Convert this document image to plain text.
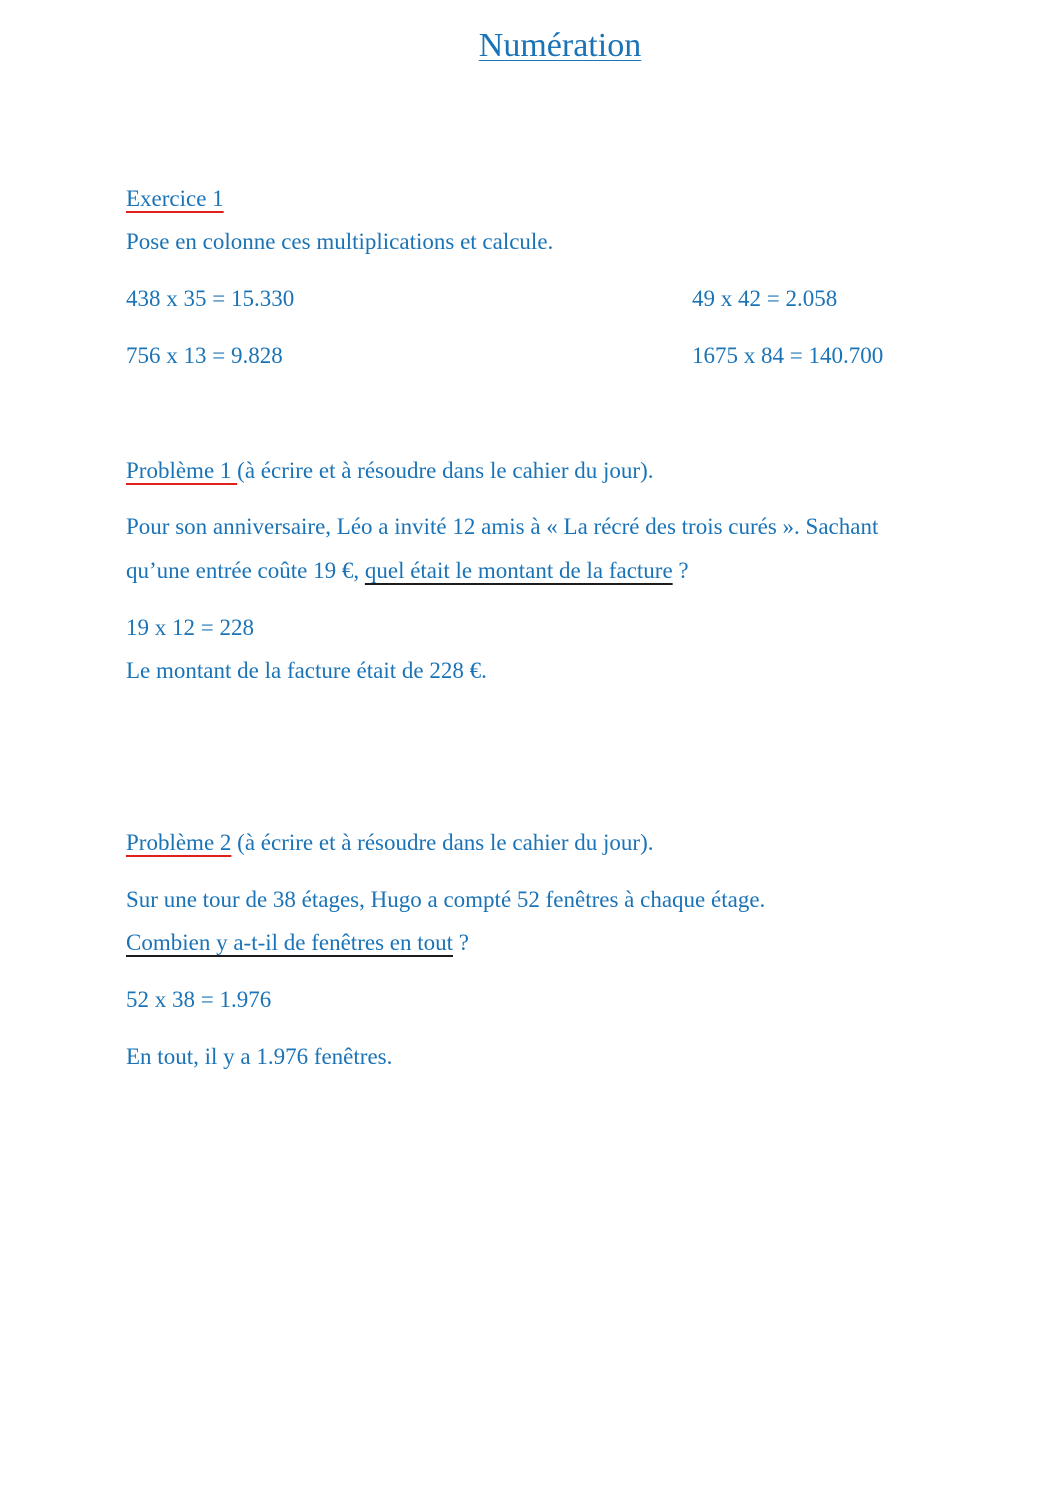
Numération
Exercice 1
Pose en colonne ces multiplications et calcule.
438 x 35 = 15.330	49 x 42 = 2.058
756 x 13 = 9.828	1675 x 84 = 140.700
Problème 1 (à écrire et à résoudre dans le cahier du jour).
Pour son anniversaire, Léo a invité 12 amis à « La récré des trois curés ». Sachant
qu’une entrée coûte 19 €, quel était le montant de la facture ?
19 x 12 = 228
Le montant de la facture était de 228 €.
Problème 2 (à écrire et à résoudre dans le cahier du jour).
Sur une tour de 38 étages, Hugo a compté 52 fenêtres à chaque étage.
Combien y a-t-il de fenêtres en tout ?
52 x 38 = 1.976
En tout, il y a 1.976 fenêtres.
